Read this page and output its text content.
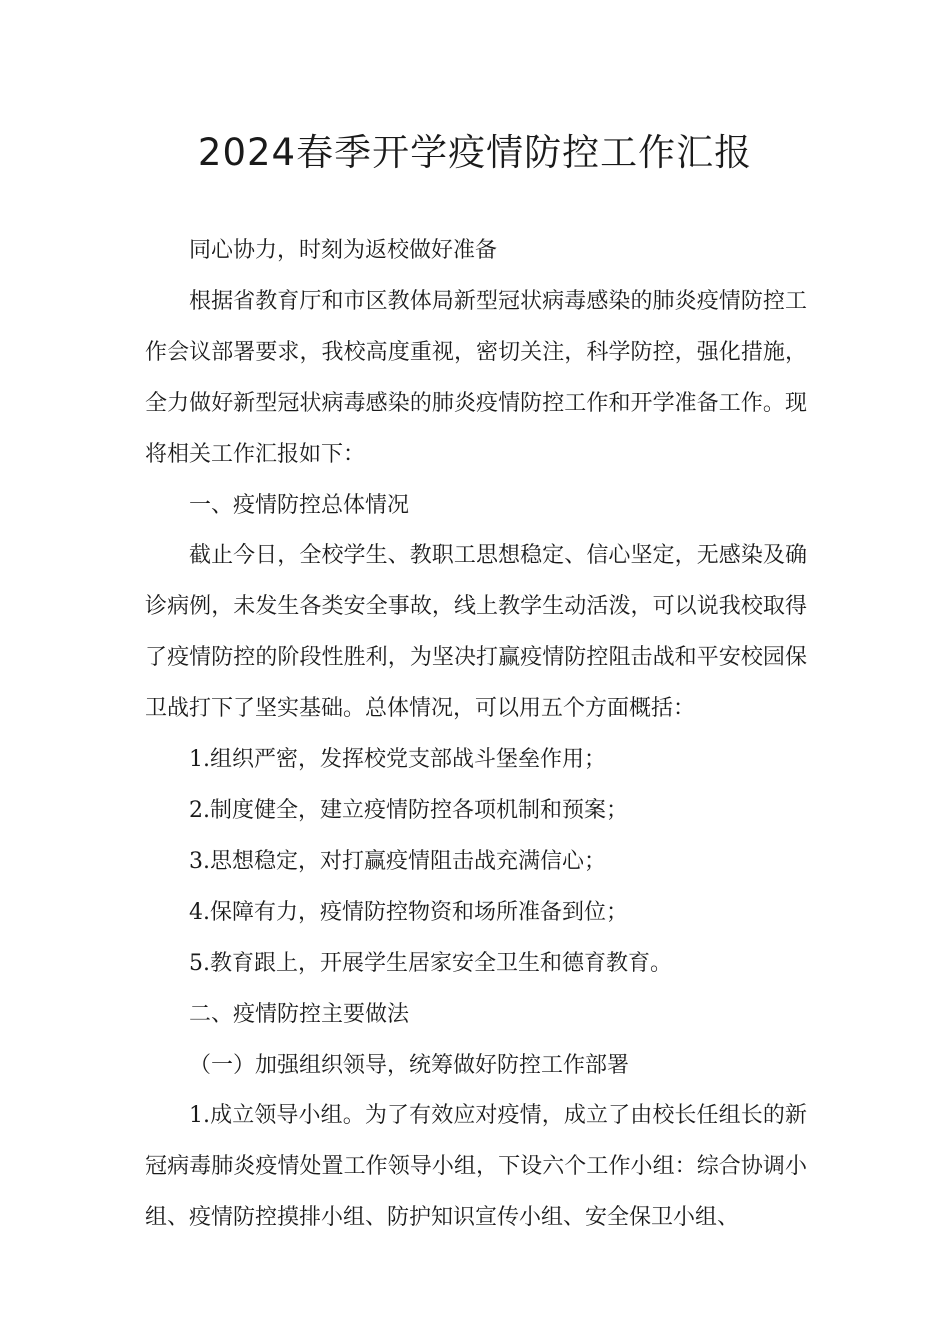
2024春季开学疫情防控工作汇报

同心协力，时刻为返校做好准备

根据省教育厅和市区教体局新型冠状病毒感染的肺炎疫情防控工作会议部署要求，我校高度重视，密切关注，科学防控，强化措施，全力做好新型冠状病毒感染的肺炎疫情防控工作和开学准备工作。现将相关工作汇报如下：

一、疫情防控总体情况

截止今日，全校学生、教职工思想稳定、信心坚定，无感染及确诊病例，未发生各类安全事故，线上教学生动活泼，可以说我校取得了疫情防控的阶段性胜利，为坚决打赢疫情防控阻击战和平安校园保卫战打下了坚实基础。总体情况，可以用五个方面概括：

1.组织严密，发挥校党支部战斗堡垒作用；

2.制度健全，建立疫情防控各项机制和预案；

3.思想稳定，对打赢疫情阻击战充满信心；

4.保障有力，疫情防控物资和场所准备到位；

5.教育跟上，开展学生居家安全卫生和德育教育。

二、疫情防控主要做法

（一）加强组织领导，统筹做好防控工作部署

1.成立领导小组。为了有效应对疫情，成立了由校长任组长的新冠病毒肺炎疫情处置工作领导小组，下设六个工作小组：综合协调小组、疫情防控摸排小组、防护知识宣传小组、安全保卫小组、
